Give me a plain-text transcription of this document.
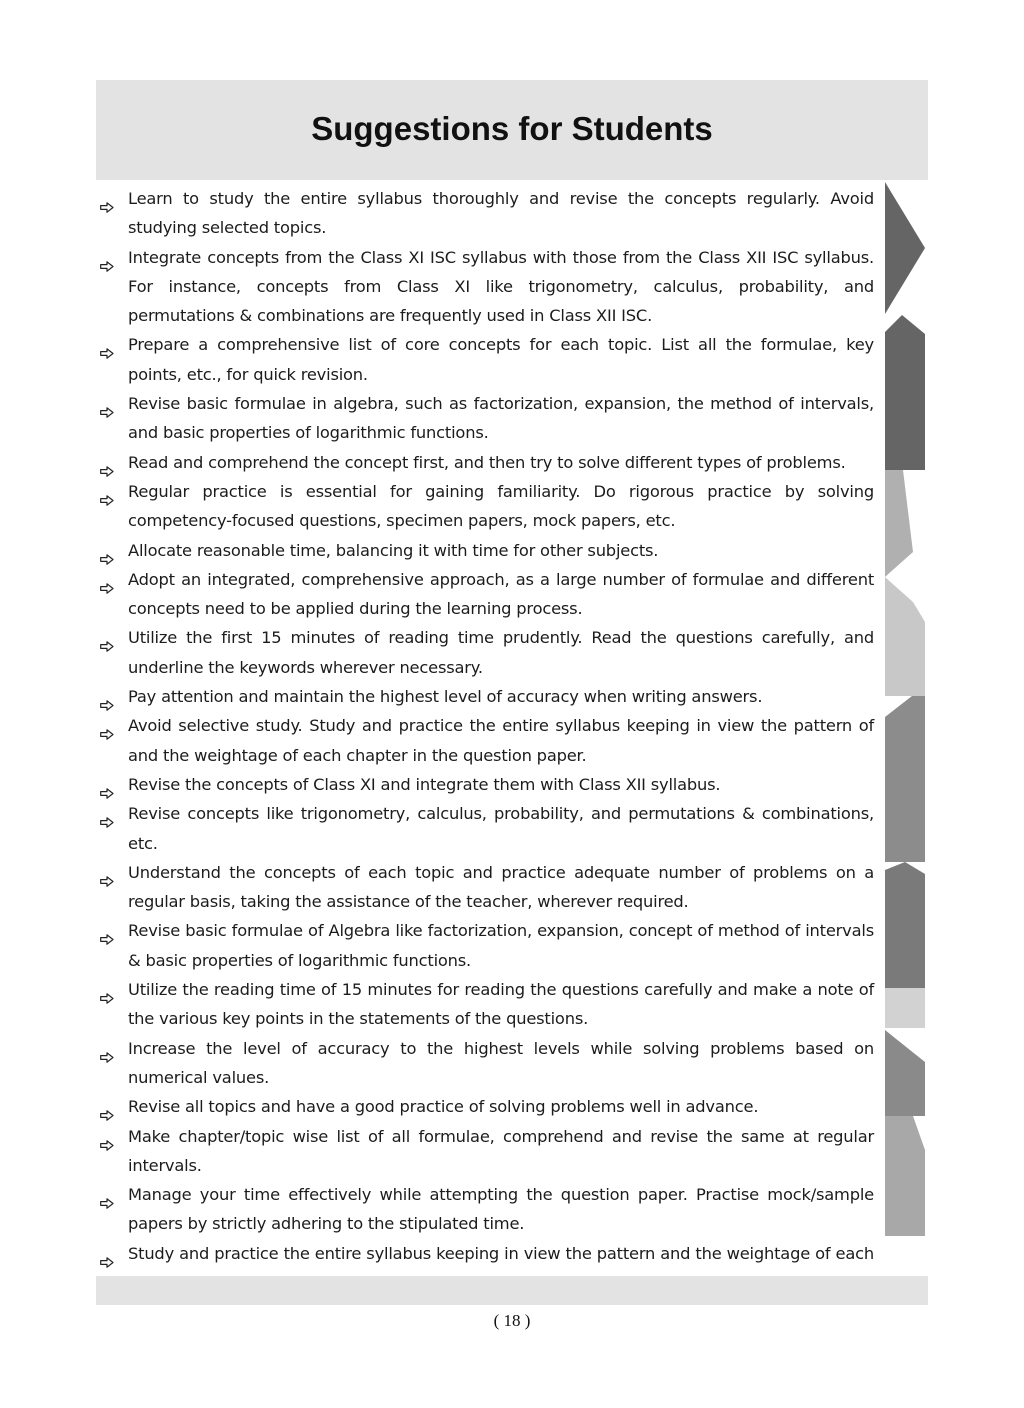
Suggestions for Students
Learn to study the entire syllabus thoroughly and revise the concepts regularly. Avoid studying selected topics.
Integrate concepts from the Class XI ISC syllabus with those from the Class XII ISC syllabus. For instance, concepts from Class XI like trigonometry, calculus, probability, and permutations & combinations are frequently used in Class XII ISC.
Prepare a comprehensive list of core concepts for each topic. List all the formulae, key points, etc., for quick revision.
Revise basic formulae in algebra, such as factorization, expansion, the method of intervals, and basic properties of logarithmic functions.
Read and comprehend the concept first, and then try to solve different types of problems.
Regular practice is essential for gaining familiarity. Do rigorous practice by solving competency-focused questions, specimen papers, mock papers, etc.
Allocate reasonable time, balancing it with time for other subjects.
Adopt an integrated, comprehensive approach, as a large number of formulae and different concepts need to be applied during the learning process.
Utilize the first 15 minutes of reading time prudently. Read the questions carefully, and underline the keywords wherever necessary.
Pay attention and maintain the highest level of accuracy when writing answers.
Avoid selective study. Study and practice the entire syllabus keeping in view the pattern of and the weightage of each chapter in the question paper.
Revise the concepts of Class XI and integrate them with Class XII syllabus.
Revise concepts like trigonometry, calculus, probability, and permutations & combinations, etc.
Understand the concepts of each topic and practice adequate number of problems on a regular basis, taking the assistance of the teacher, wherever required.
Revise basic formulae of Algebra like factorization, expansion, concept of method of intervals & basic properties of logarithmic functions.
Utilize the reading time of 15 minutes for reading the questions carefully and make a note of the various key points in the statements of the questions.
Increase the level of accuracy to the highest levels while solving problems based on numerical values.
Revise all topics and have a good practice of solving problems well in advance.
Make chapter/topic wise list of all formulae, comprehend and revise the same at regular intervals.
Manage your time effectively while attempting the question paper. Practise mock/sample papers by strictly adhering to the stipulated time.
Study and practice the entire syllabus keeping in view the pattern and the weightage of each
( 18 )
